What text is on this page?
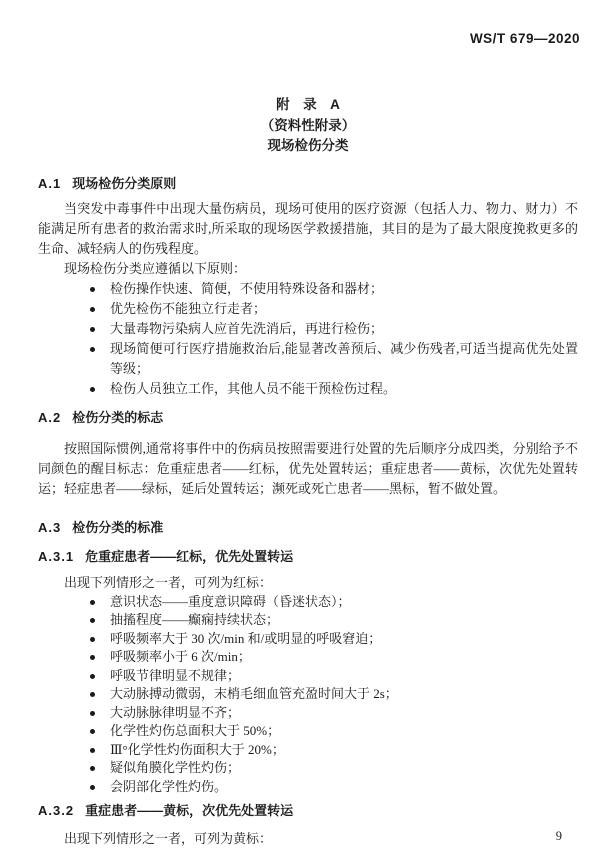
WS/T 679—2020
附　录　A
（资料性附录）
现场检伤分类
A.1 现场检伤分类原则

当突发中毒事件中出现大量伤病员，现场可使用的医疗资源（包括人力、物力、财力）不能满足所有患者的救治需求时,所采取的现场医学救援措施，其目的是为了最大限度挽救更多的生命、减轻病人的伤残程度。

现场检伤分类应遵循以下原则：

检伤操作快速、简便，不使用特殊设备和器材；
优先检伤不能独立行走者；
大量毒物污染病人应首先洗消后，再进行检伤；
现场简便可行医疗措施救治后,能显著改善预后、减少伤残者,可适当提高优先处置等级；
检伤人员独立工作，其他人员不能干预检伤过程。
A.2 检伤分类的标志

按照国际惯例,通常将事件中的伤病员按照需要进行处置的先后顺序分成四类，分别给予不同颜色的醒目标志：危重症患者——红标，优先处置转运；重症患者——黄标，次优先处置转运；轻症患者——绿标，延后处置转运；濒死或死亡患者——黑标，暂不做处置。

A.3 检伤分类的标准
A.3.1 危重症患者——红标，优先处置转运

出现下列情形之一者，可列为红标：

意识状态——重度意识障碍（昏迷状态）；
抽搐程度——癫痫持续状态；
呼吸频率大于 30 次/min 和/或明显的呼吸窘迫；
呼吸频率小于 6 次/min；
呼吸节律明显不规律；
大动脉搏动微弱，末梢毛细血管充盈时间大于 2s；
大动脉脉律明显不齐；
化学性灼伤总面积大于 50%；
Ⅲ°化学性灼伤面积大于 20%；
疑似角膜化学性灼伤；
会阴部化学性灼伤。
A.3.2 重症患者——黄标，次优先处置转运

出现下列情形之一者，可列为黄标：	9
